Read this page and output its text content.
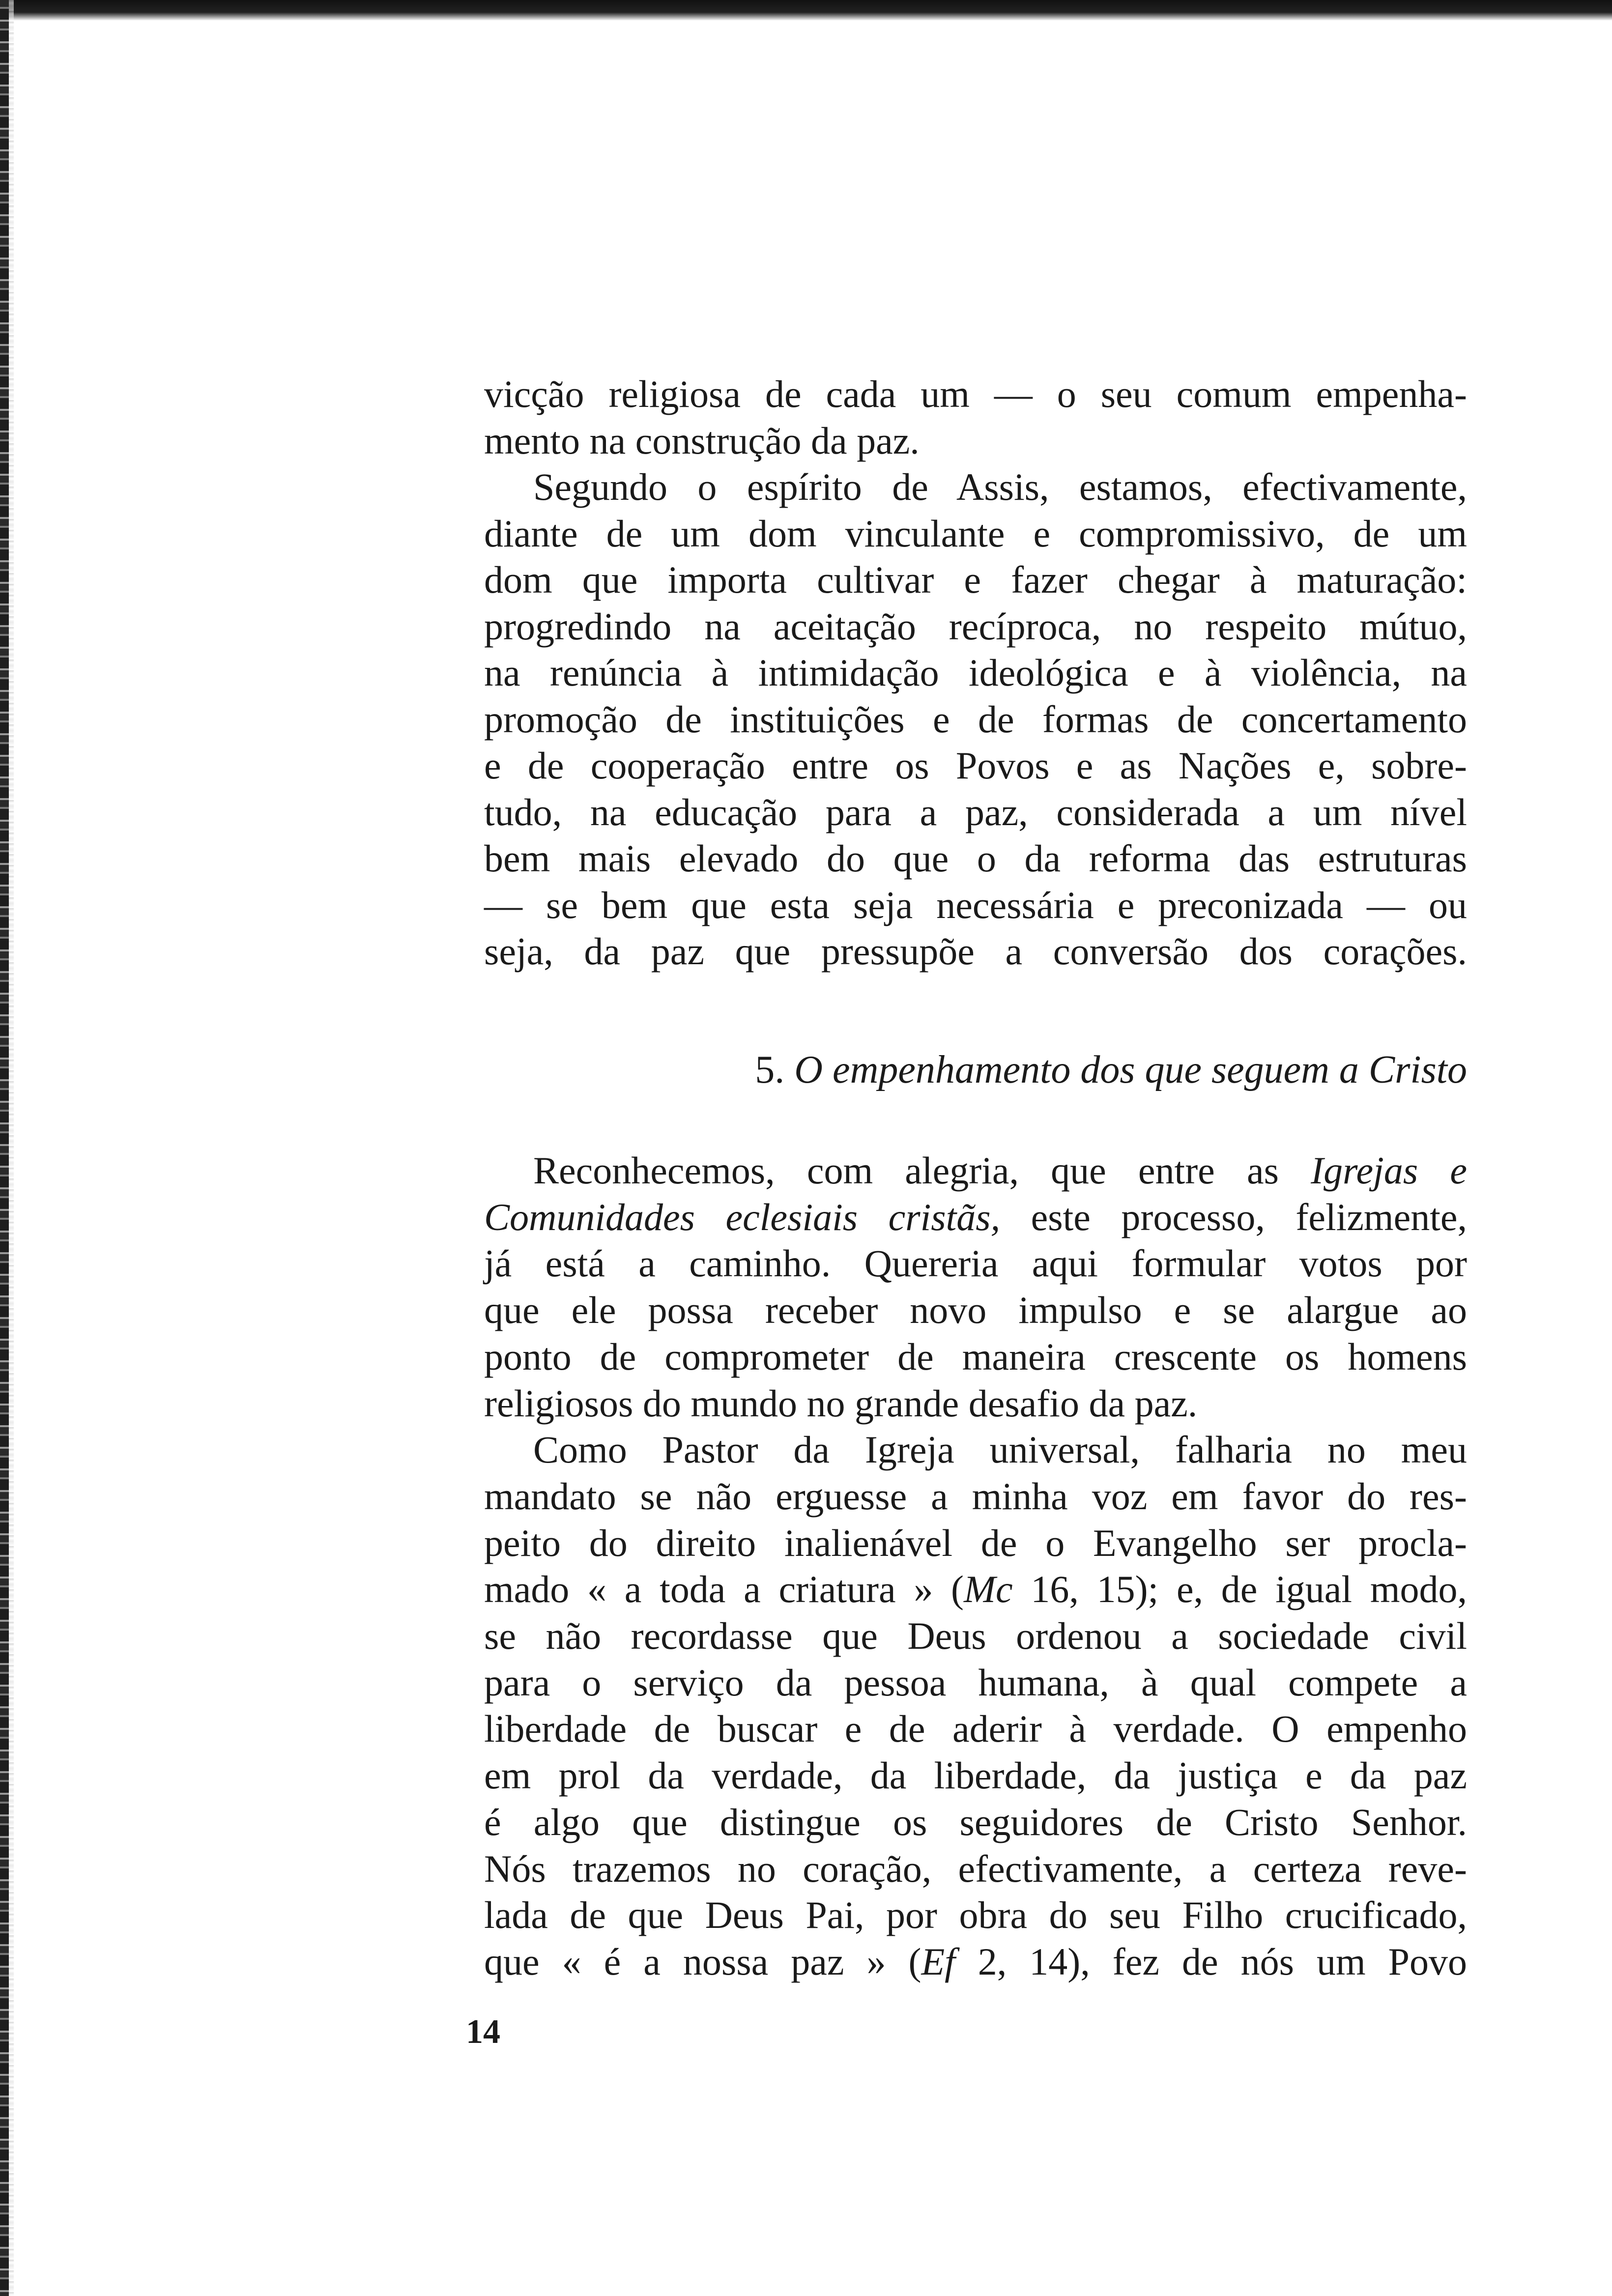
vicção religiosa de cada um — o seu comum empenha-
mento na construção da paz.
Segundo o espírito de Assis, estamos, efectivamente,
diante de um dom vinculante e compromissivo, de um
dom que importa cultivar e fazer chegar à maturação:
progredindo na aceitação recíproca, no respeito mútuo,
na renúncia à intimidação ideológica e à violência, na
promoção de instituições e de formas de concertamento
e de cooperação entre os Povos e as Nações e, sobre-
tudo, na educação para a paz, considerada a um nível
bem mais elevado do que o da reforma das estruturas
— se bem que esta seja necessária e preconizada — ou
seja, da paz que pressupõe a conversão dos corações.
5. O empenhamento dos que seguem a Cristo
Reconhecemos, com alegria, que entre as Igrejas e
Comunidades eclesiais cristãs, este processo, felizmente,
já está a caminho. Quereria aqui formular votos por
que ele possa receber novo impulso e se alargue ao
ponto de comprometer de maneira crescente os homens
religiosos do mundo no grande desafio da paz.
Como Pastor da Igreja universal, falharia no meu
mandato se não erguesse a minha voz em favor do res-
peito do direito inalienável de o Evangelho ser procla-
mado « a toda a criatura » (Mc 16, 15); e, de igual modo,
se não recordasse que Deus ordenou a sociedade civil
para o serviço da pessoa humana, à qual compete a
liberdade de buscar e de aderir à verdade. O empenho
em prol da verdade, da liberdade, da justiça e da paz
é algo que distingue os seguidores de Cristo Senhor.
Nós trazemos no coração, efectivamente, a certeza reve-
lada de que Deus Pai, por obra do seu Filho crucificado,
que « é a nossa paz » (Ef 2, 14), fez de nós um Povo
14
